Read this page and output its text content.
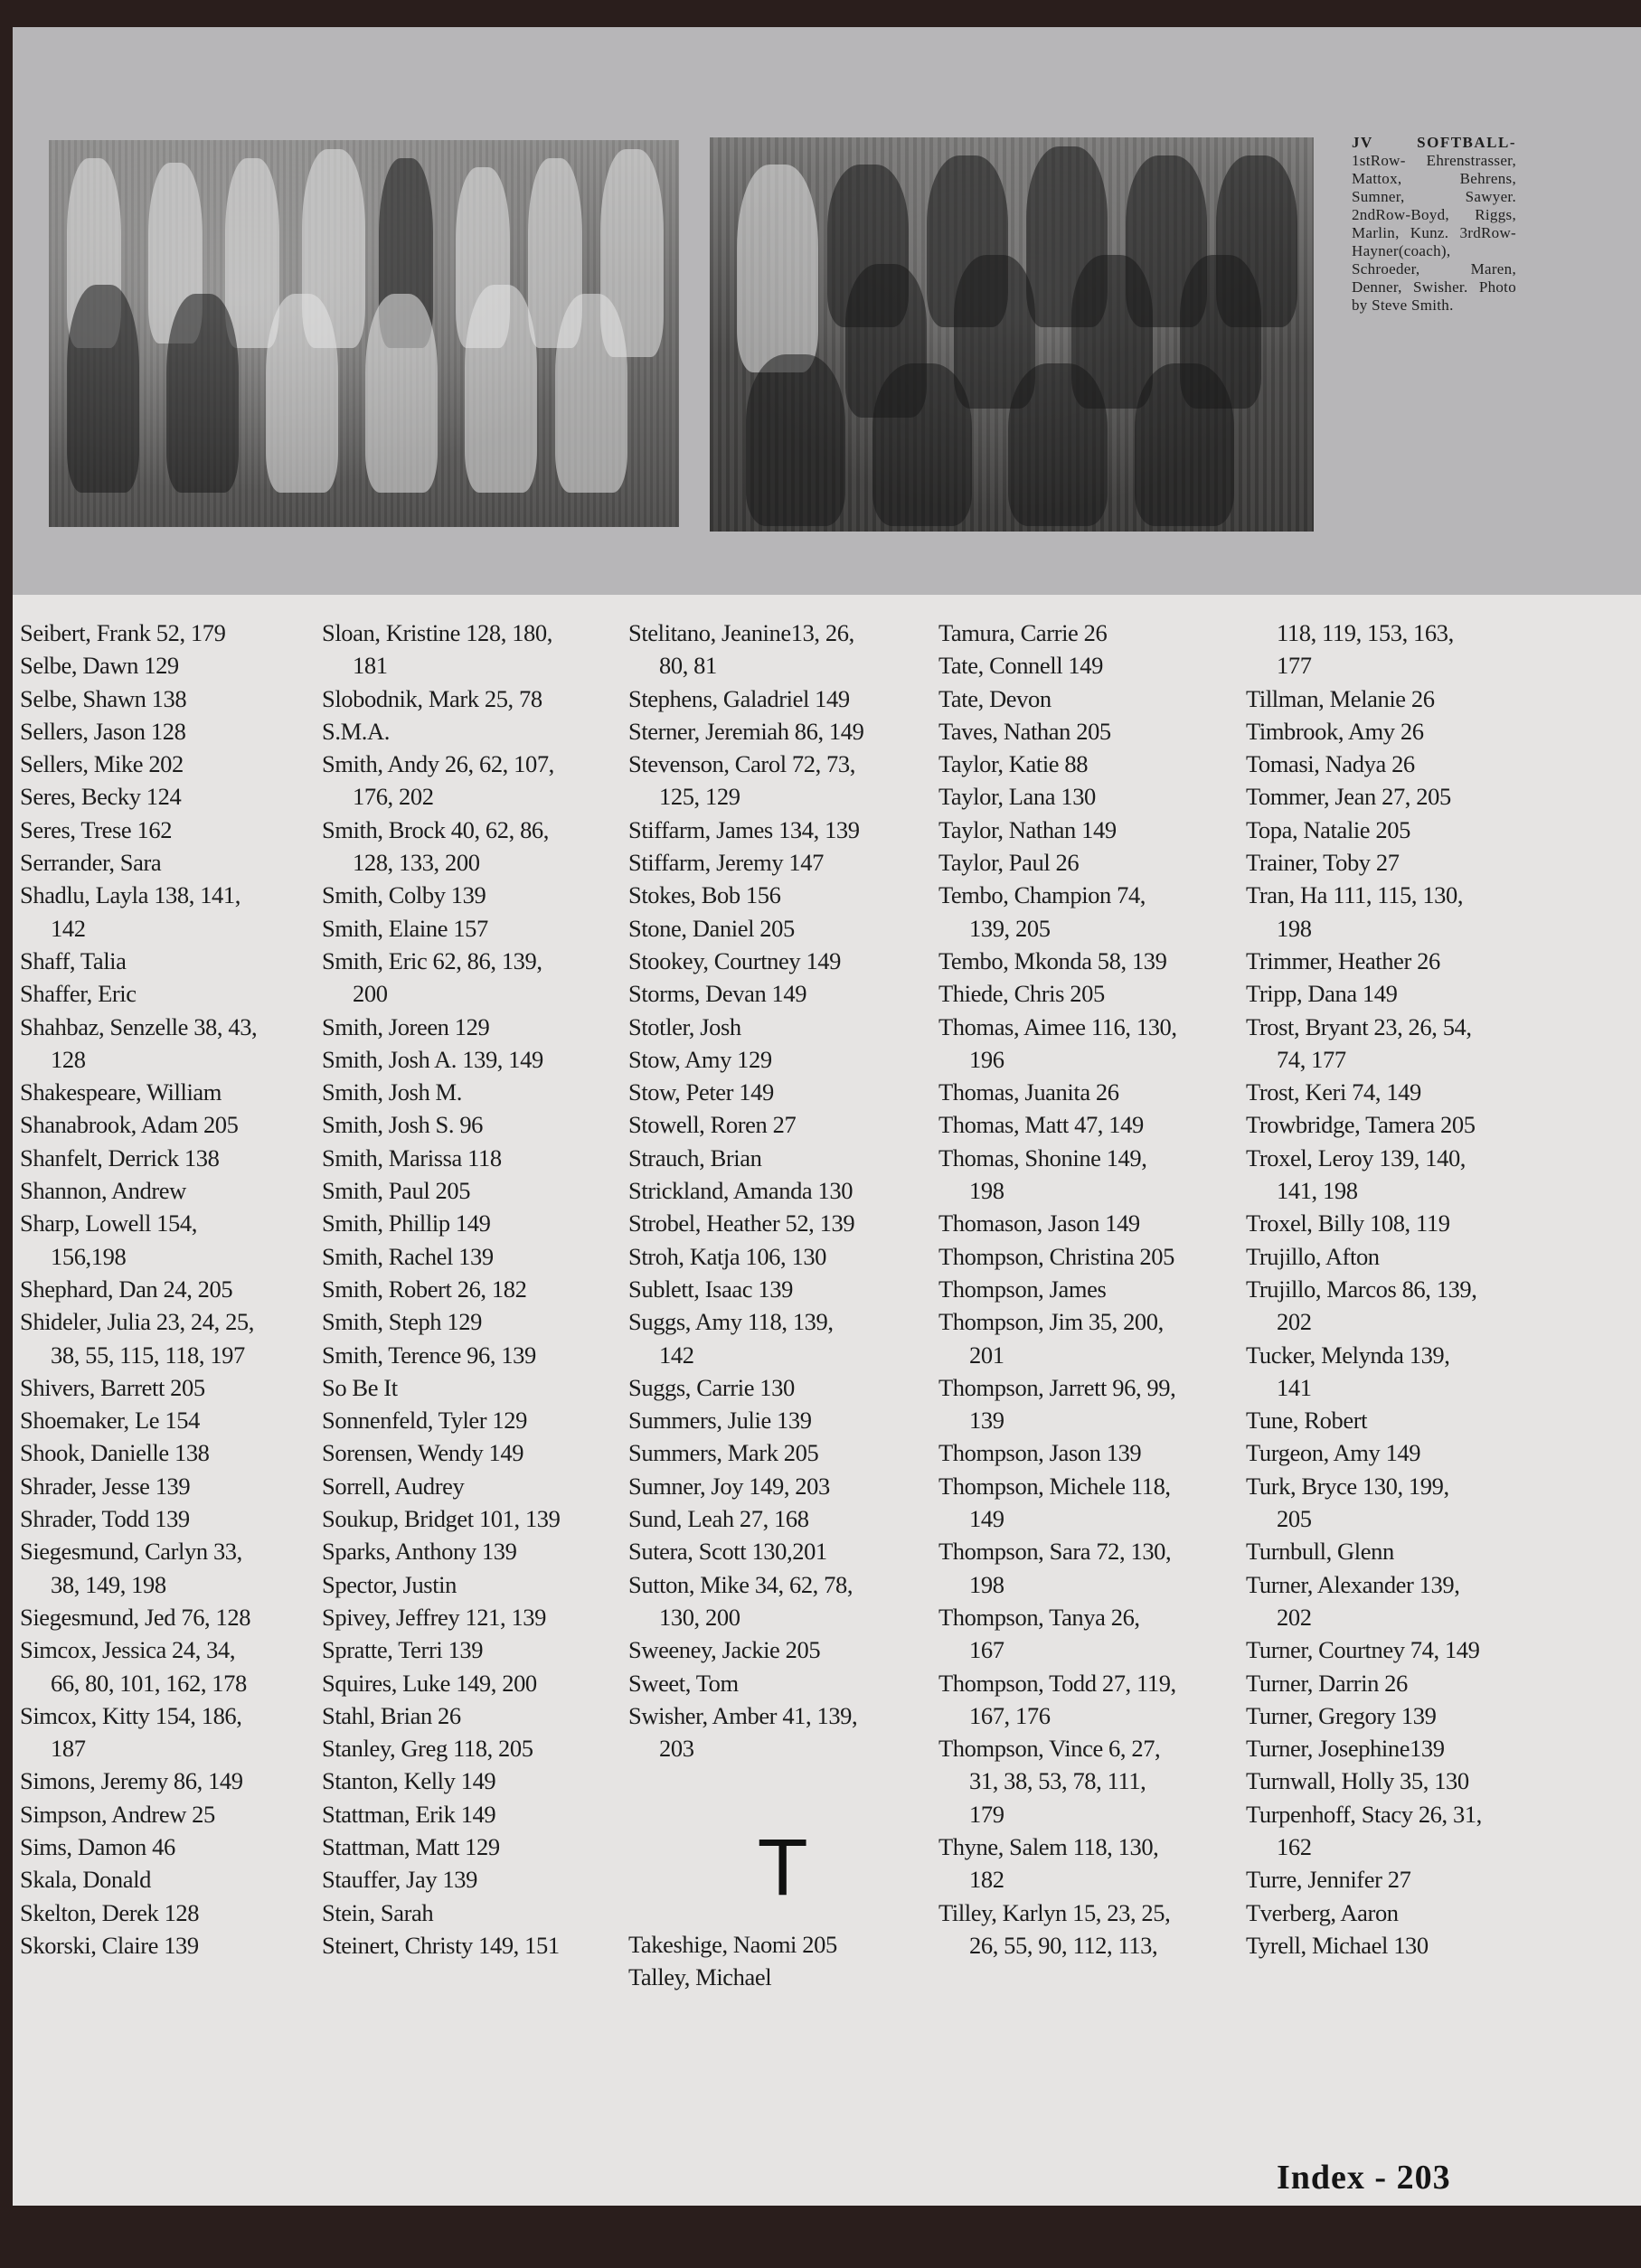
JV SOFTBALL- 1stRow- Ehrenstrasser, Mattox, Behrens, Sumner, Sawyer. 2ndRow-Boyd, Riggs, Marlin, Kunz. 3rdRow- Hayner(coach), Schroeder, Maren, Denner, Swisher. Photo by Steve Smith.
Seibert, Frank 52, 179
Selbe, Dawn 129
Selbe, Shawn 138
Sellers, Jason 128
Sellers, Mike 202
Seres, Becky 124
Seres, Trese 162
Serrander, Sara
Shadlu, Layla 138, 141,
142
Shaff, Talia
Shaffer, Eric
Shahbaz, Senzelle 38, 43,
128
Shakespeare, William
Shanabrook, Adam 205
Shanfelt, Derrick 138
Shannon, Andrew
Sharp, Lowell 154,
156,198
Shephard, Dan 24, 205
Shideler, Julia 23, 24, 25,
38, 55, 115, 118, 197
Shivers, Barrett 205
Shoemaker, Le 154
Shook, Danielle 138
Shrader, Jesse 139
Shrader, Todd 139
Siegesmund, Carlyn 33,
38, 149, 198
Siegesmund, Jed 76, 128
Simcox, Jessica 24, 34,
66, 80, 101, 162, 178
Simcox, Kitty 154, 186,
187
Simons, Jeremy 86, 149
Simpson, Andrew 25
Sims, Damon 46
Skala, Donald
Skelton, Derek 128
Skorski, Claire 139
Sloan, Kristine 128, 180,
181
Slobodnik, Mark 25, 78
S.M.A.
Smith, Andy 26, 62, 107,
176, 202
Smith, Brock 40, 62, 86,
128, 133, 200
Smith, Colby 139
Smith, Elaine 157
Smith, Eric 62, 86, 139,
200
Smith, Joreen 129
Smith, Josh A. 139, 149
Smith, Josh M.
Smith, Josh S. 96
Smith, Marissa 118
Smith, Paul 205
Smith, Phillip 149
Smith, Rachel 139
Smith, Robert 26, 182
Smith, Steph 129
Smith, Terence 96, 139
So Be It
Sonnenfeld, Tyler 129
Sorensen, Wendy 149
Sorrell, Audrey
Soukup, Bridget 101, 139
Sparks, Anthony 139
Spector, Justin
Spivey, Jeffrey 121, 139
Spratte, Terri 139
Squires, Luke 149, 200
Stahl, Brian 26
Stanley, Greg 118, 205
Stanton, Kelly 149
Stattman, Erik 149
Stattman, Matt 129
Stauffer, Jay 139
Stein, Sarah
Steinert, Christy 149, 151
Stelitano, Jeanine13, 26,
80, 81
Stephens, Galadriel 149
Sterner, Jeremiah 86, 149
Stevenson, Carol 72, 73,
125, 129
Stiffarm, James 134, 139
Stiffarm, Jeremy 147
Stokes, Bob 156
Stone, Daniel 205
Stookey, Courtney 149
Storms, Devan 149
Stotler, Josh
Stow, Amy 129
Stow, Peter 149
Stowell, Roren 27
Strauch, Brian
Strickland, Amanda 130
Strobel, Heather 52, 139
Stroh, Katja 106, 130
Sublett, Isaac 139
Suggs, Amy 118, 139,
142
Suggs, Carrie 130
Summers, Julie 139
Summers, Mark 205
Sumner, Joy 149, 203
Sund, Leah 27, 168
Sutera, Scott 130,201
Sutton, Mike 34, 62, 78,
130, 200
Sweeney, Jackie 205
Sweet, Tom
Swisher, Amber 41, 139,
203
Takeshige, Naomi 205
Talley, Michael
Tamura, Carrie 26
Tate, Connell 149
Tate, Devon
Taves, Nathan 205
Taylor, Katie 88
Taylor, Lana 130
Taylor, Nathan 149
Taylor, Paul 26
Tembo, Champion 74,
139, 205
Tembo, Mkonda 58, 139
Thiede, Chris 205
Thomas, Aimee 116, 130,
196
Thomas, Juanita 26
Thomas, Matt 47, 149
Thomas, Shonine 149,
198
Thomason, Jason 149
Thompson, Christina 205
Thompson, James
Thompson, Jim 35, 200,
201
Thompson, Jarrett 96, 99,
139
Thompson, Jason 139
Thompson, Michele 118,
149
Thompson, Sara 72, 130,
198
Thompson, Tanya 26,
167
Thompson, Todd 27, 119,
167, 176
Thompson, Vince 6, 27,
31, 38, 53, 78, 111,
179
Thyne, Salem 118, 130,
182
Tilley, Karlyn 15, 23, 25,
26, 55, 90, 112, 113,
118, 119, 153, 163,
177
Tillman, Melanie 26
Timbrook, Amy 26
Tomasi, Nadya 26
Tommer, Jean 27, 205
Topa, Natalie 205
Trainer, Toby 27
Tran, Ha 111, 115, 130,
198
Trimmer, Heather 26
Tripp, Dana 149
Trost, Bryant 23, 26, 54,
74, 177
Trost, Keri 74, 149
Trowbridge, Tamera 205
Troxel, Leroy 139, 140,
141, 198
Troxel, Billy 108, 119
Trujillo, Afton
Trujillo, Marcos 86, 139,
202
Tucker, Melynda 139,
141
Tune, Robert
Turgeon, Amy 149
Turk, Bryce 130, 199,
205
Turnbull, Glenn
Turner, Alexander 139,
202
Turner, Courtney 74, 149
Turner, Darrin 26
Turner, Gregory 139
Turner, Josephine139
Turnwall, Holly 35, 130
Turpenhoff, Stacy 26, 31,
162
Turre, Jennifer 27
Tverberg, Aaron
Tyrell, Michael 130
T
Index - 203
